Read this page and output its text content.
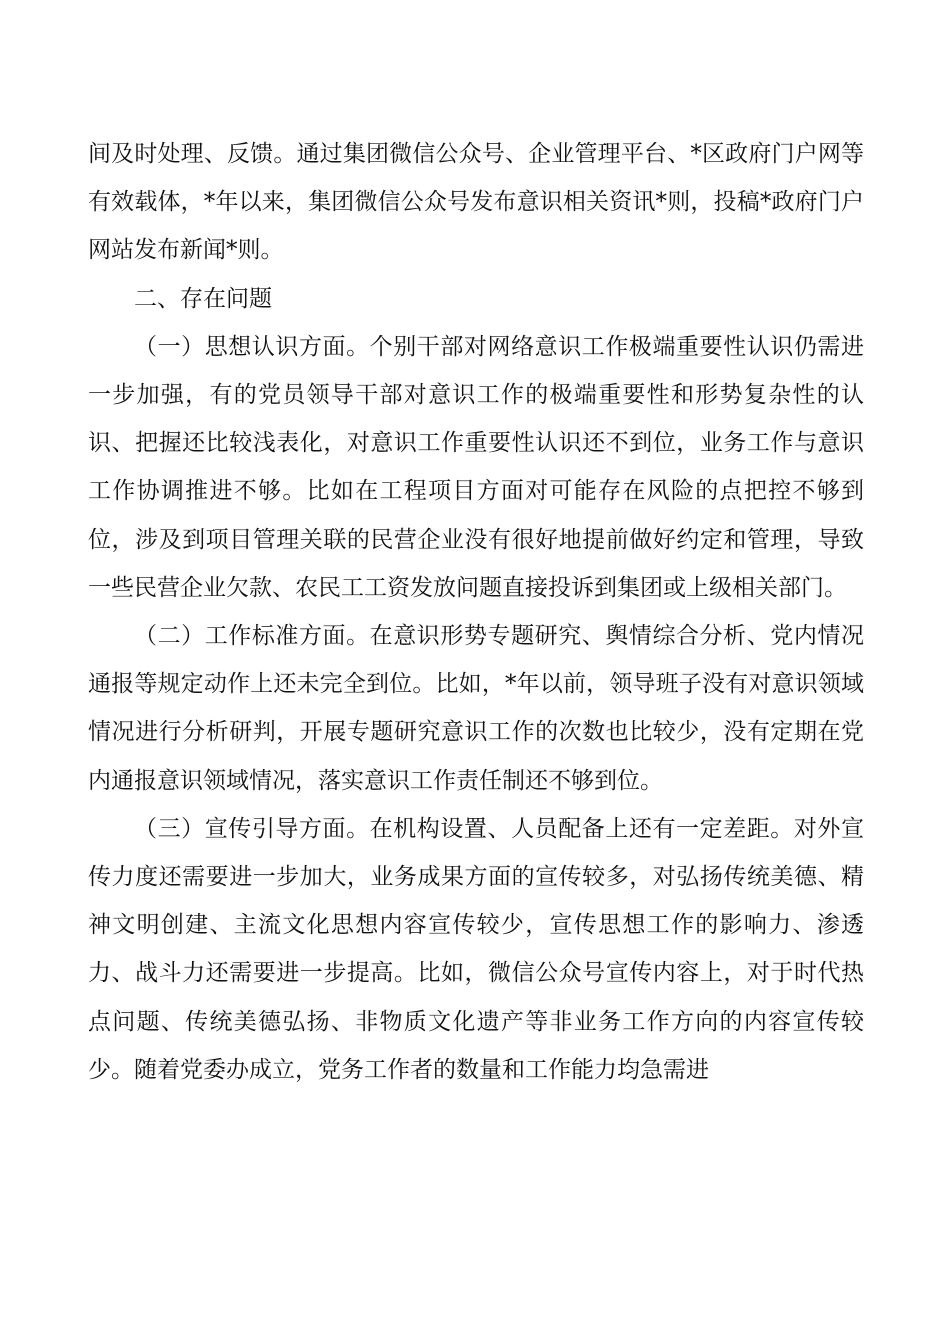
间及时处理、反馈。通过集团微信公众号、企业管理平台、*区政府门户网等有效载体，*年以来，集团微信公众号发布意识相关资讯*则，投稿*政府门户网站发布新闻*则。

二、存在问题

（一）思想认识方面。个别干部对网络意识工作极端重要性认识仍需进一步加强，有的党员领导干部对意识工作的极端重要性和形势复杂性的认识、把握还比较浅表化，对意识工作重要性认识还不到位，业务工作与意识工作协调推进不够。比如在工程项目方面对可能存在风险的点把控不够到位，涉及到项目管理关联的民营企业没有很好地提前做好约定和管理，导致一些民营企业欠款、农民工工资发放问题直接投诉到集团或上级相关部门。

（二）工作标准方面。在意识形势专题研究、舆情综合分析、党内情况通报等规定动作上还未完全到位。比如，*年以前，领导班子没有对意识领域情况进行分析研判，开展专题研究意识工作的次数也比较少，没有定期在党内通报意识领域情况，落实意识工作责任制还不够到位。

（三）宣传引导方面。在机构设置、人员配备上还有一定差距。对外宣传力度还需要进一步加大，业务成果方面的宣传较多，对弘扬传统美德、精神文明创建、主流文化思想内容宣传较少，宣传思想工作的影响力、渗透力、战斗力还需要进一步提高。比如，微信公众号宣传内容上，对于时代热点问题、传统美德弘扬、非物质文化遗产等非业务工作方向的内容宣传较少。随着党委办成立，党务工作者的数量和工作能力均急需进
